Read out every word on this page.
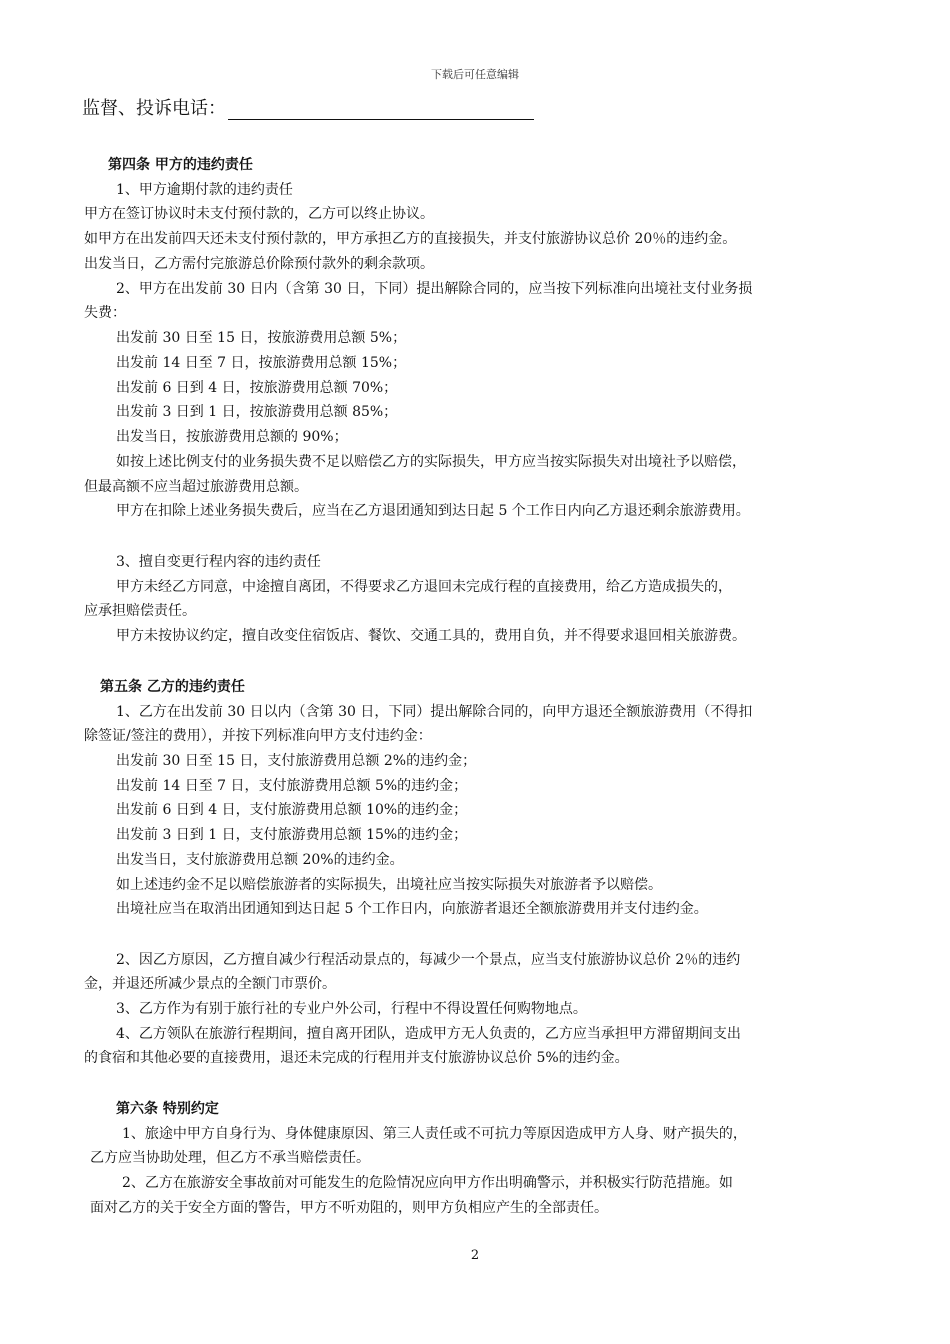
下载后可任意编辑
监督、投诉电话：
第四条 甲方的违约责任
1、甲方逾期付款的违约责任
甲方在签订协议时未支付预付款的，乙方可以终止协议。
如甲方在出发前四天还未支付预付款的，甲方承担乙方的直接损失，并支付旅游协议总价 20％的违约金。
出发当日，乙方需付完旅游总价除预付款外的剩余款项。
2、甲方在出发前 30 日内（含第 30 日，下同）提出解除合同的，应当按下列标准向出境社支付业务损
失费：
出发前 30 日至 15 日，按旅游费用总额 5%；
出发前 14 日至 7 日，按旅游费用总额 15%；
出发前 6 日到 4 日，按旅游费用总额 70%；
出发前 3 日到 1 日，按旅游费用总额 85%；
出发当日，按旅游费用总额的 90%；
如按上述比例支付的业务损失费不足以赔偿乙方的实际损失，甲方应当按实际损失对出境社予以赔偿，
但最高额不应当超过旅游费用总额。
甲方在扣除上述业务损失费后，应当在乙方退团通知到达日起 5 个工作日内向乙方退还剩余旅游费用。
3、擅自变更行程内容的违约责任
甲方未经乙方同意，中途擅自离团，不得要求乙方退回未完成行程的直接费用，给乙方造成损失的，
应承担赔偿责任。
甲方未按协议约定，擅自改变住宿饭店、餐饮、交通工具的，费用自负，并不得要求退回相关旅游费。
第五条 乙方的违约责任
1、乙方在出发前 30 日以内（含第 30 日，下同）提出解除合同的，向甲方退还全额旅游费用（不得扣
除签证/签注的费用），并按下列标准向甲方支付违约金：
出发前 30 日至 15 日，支付旅游费用总额 2%的违约金；
出发前 14 日至 7 日，支付旅游费用总额 5%的违约金；
出发前 6 日到 4 日，支付旅游费用总额 10%的违约金；
出发前 3 日到 1 日，支付旅游费用总额 15%的违约金；
出发当日，支付旅游费用总额 20%的违约金。
如上述违约金不足以赔偿旅游者的实际损失，出境社应当按实际损失对旅游者予以赔偿。
出境社应当在取消出团通知到达日起 5 个工作日内，向旅游者退还全额旅游费用并支付违约金。
2、因乙方原因，乙方擅自减少行程活动景点的，每减少一个景点，应当支付旅游协议总价 2％的违约
金，并退还所减少景点的全额门市票价。
3、乙方作为有别于旅行社的专业户外公司，行程中不得设置任何购物地点。
4、乙方领队在旅游行程期间，擅自离开团队，造成甲方无人负责的，乙方应当承担甲方滞留期间支出
的食宿和其他必要的直接费用，退还未完成的行程用并支付旅游协议总价 5%的违约金。
第六条 特别约定
1、旅途中甲方自身行为、身体健康原因、第三人责任或不可抗力等原因造成甲方人身、财产损失的，
乙方应当协助处理，但乙方不承当赔偿责任。
2、乙方在旅游安全事故前对可能发生的危险情况应向甲方作出明确警示，并积极实行防范措施。如
面对乙方的关于安全方面的警告，甲方不听劝阻的，则甲方负相应产生的全部责任。
2
